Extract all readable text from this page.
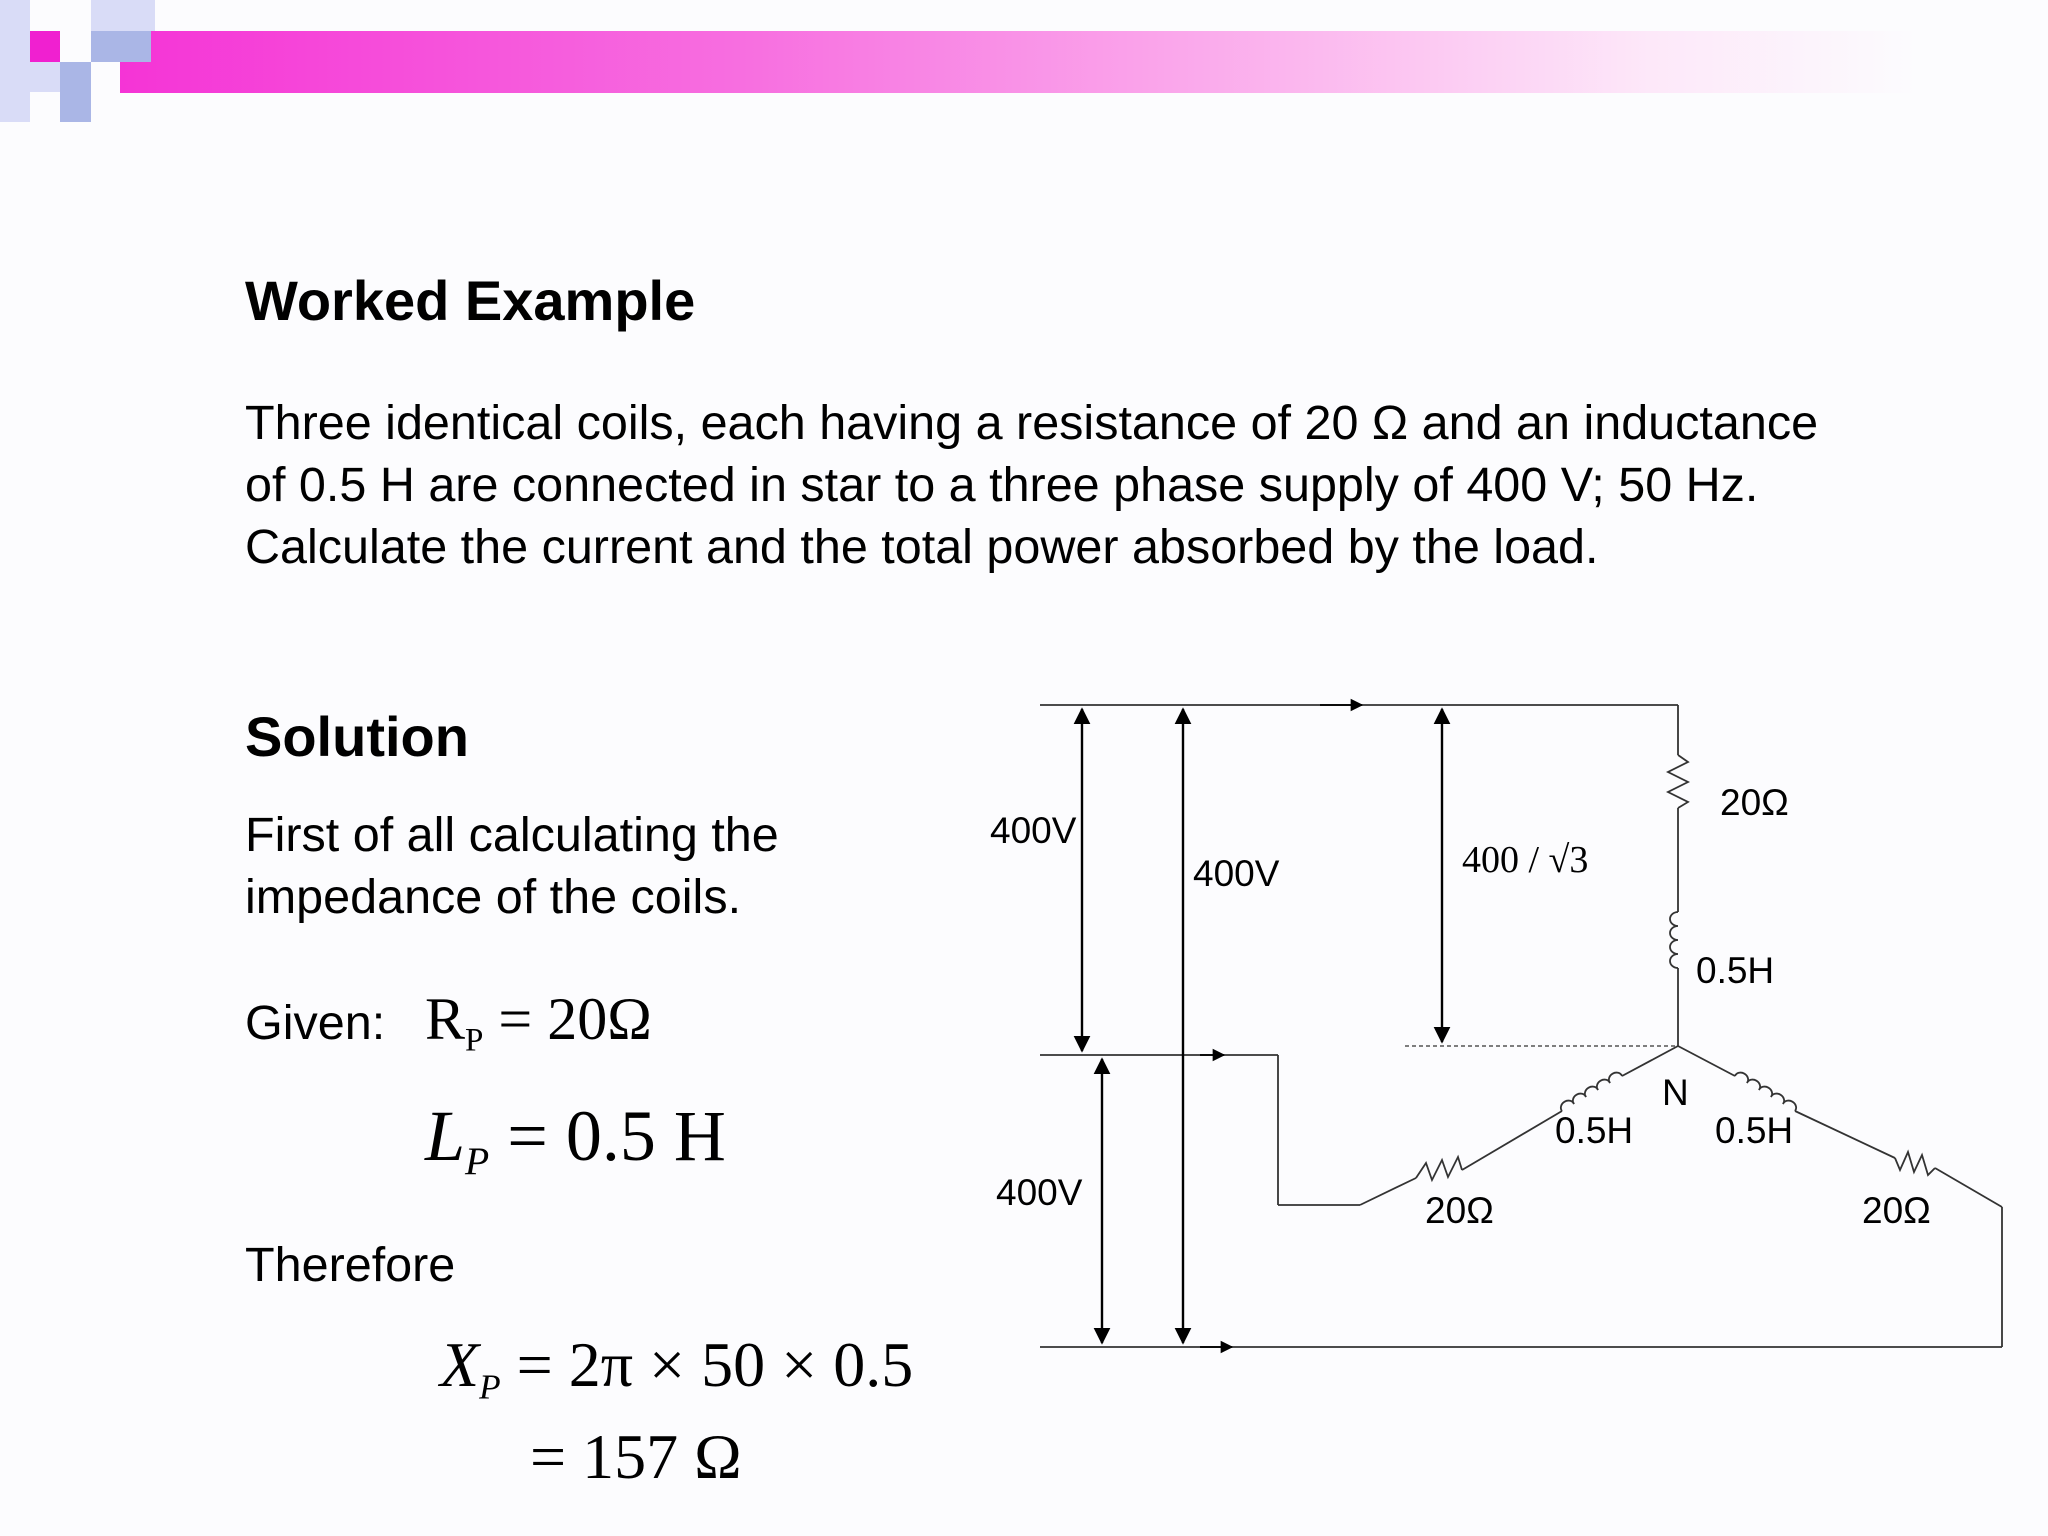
Worked Example
Three identical coils, each having a resistance of 20 Ω and an inductance of 0.5 H are connected in star to a three phase supply of 400 V; 50 Hz. Calculate the current and the total power absorbed by the load.
Solution
First of all calculating the impedance of the coils.
Given:
Therefore
$R_P = 20\Omega$
$L_P = 0.5$ H
$X_P = 2\pi \times 50 \times 0.5$
= 157 Ω
400V
400V
400V
400 / √3
N
20Ω
0.5H
0.5H 0.5H
20Ω	20Ω
